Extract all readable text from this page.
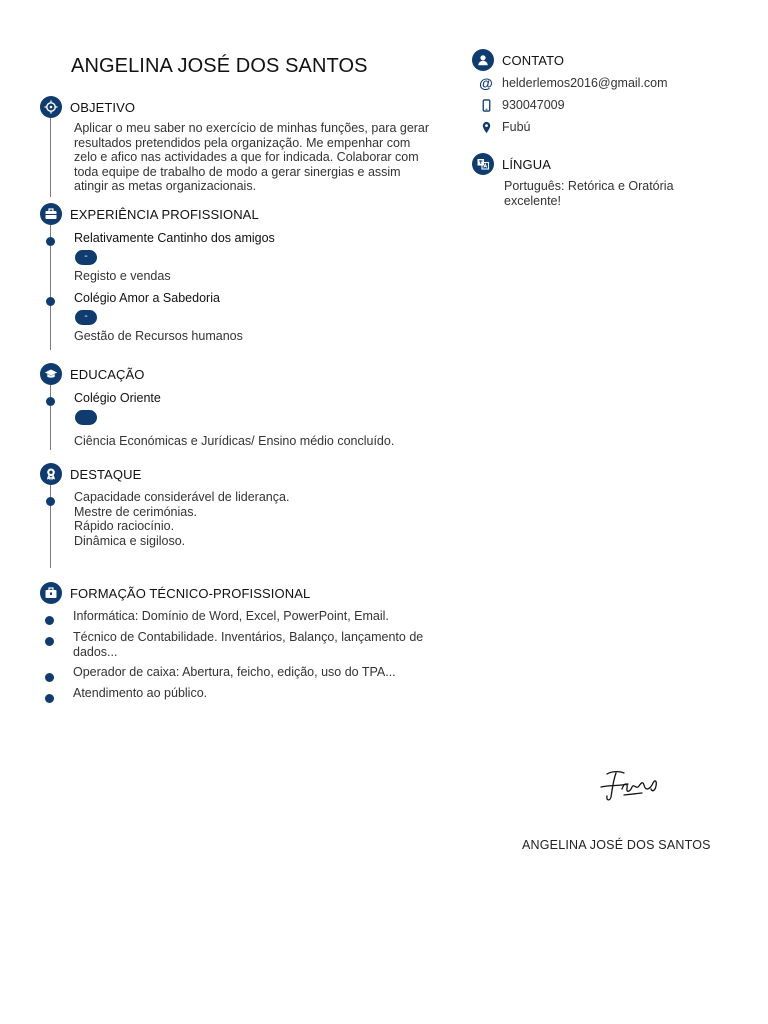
ANGELINA JOSÉ DOS SANTOS
OBJETIVO
Aplicar o meu saber no exercício de minhas funções, para gerar
resultados pretendidos pela organização. Me empenhar com
zelo e afico nas actividades a que for indicada. Colaborar com
toda equipe de trabalho de modo a gerar sinergias e assim
atingir as metas organizacionais.
EXPERIÊNCIA PROFISSIONAL
Relativamente Cantinho dos amigos
-
Registo e vendas
Colégio Amor a Sabedoria
-
Gestão de Recursos humanos
EDUCAÇÃO
Colégio Oriente
Ciência Económicas e Jurídicas/ Ensino médio concluído.
DESTAQUE
Capacidade considerável de liderança.
Mestre de cerimónias.
Rápido raciocínio.
Dinâmica e sigiloso.
FORMAÇÃO TÉCNICO-PROFISSIONAL
Informática: Domínio de Word, Excel, PowerPoint, Email.
Técnico de Contabilidade. Inventários, Balanço, lançamento de
dados...
Operador de caixa: Abertura, feicho, edição, uso do TPA...
Atendimento ao público.
CONTATO
@ helderlemos2016@gmail.com
930047009
Fubú
LÍNGUA
Português: Retórica e Oratória
excelente!
ANGELINA JOSÉ DOS SANTOS
